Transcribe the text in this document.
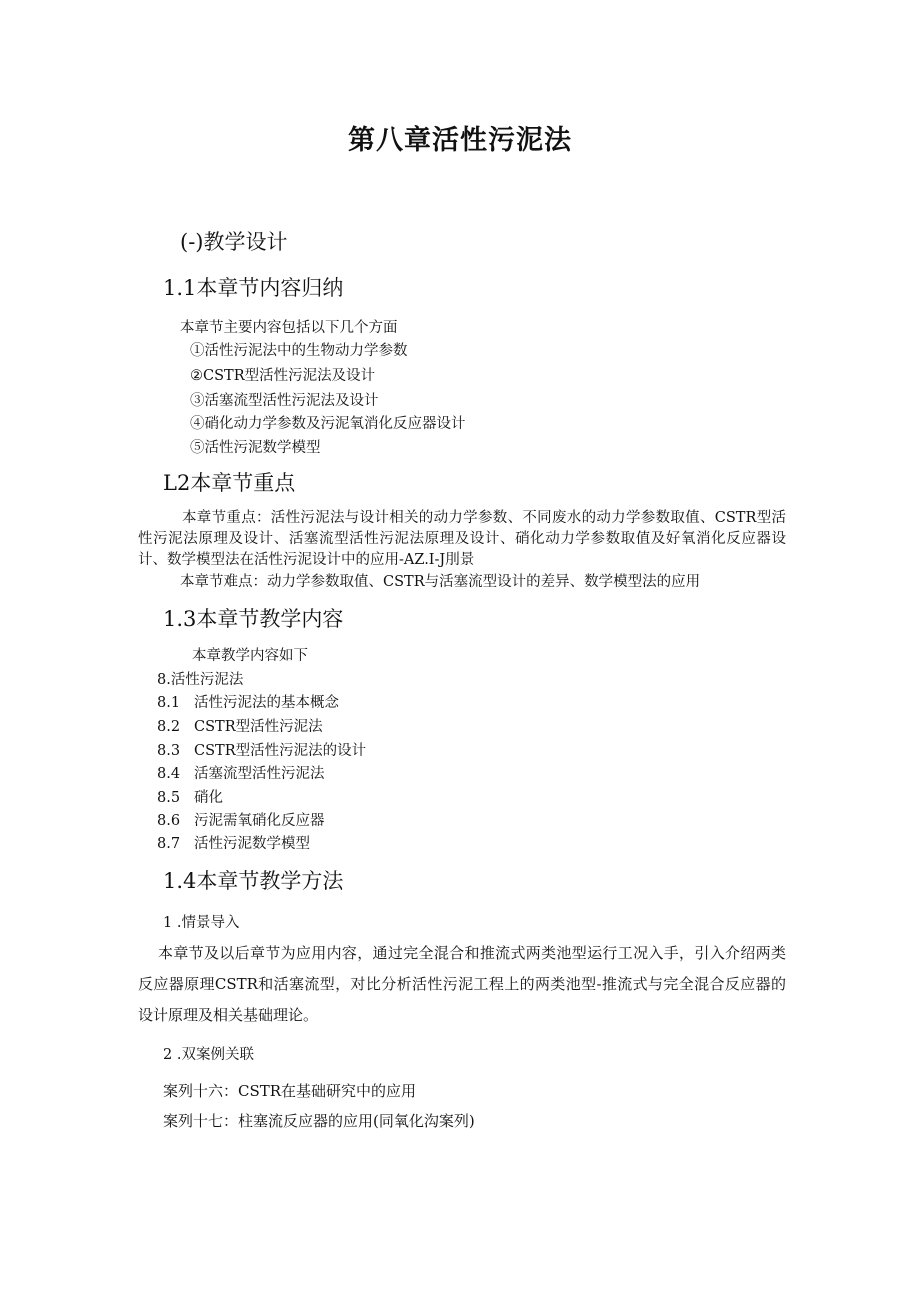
第八章活性污泥法
(-)教学设计
1.1本章节内容归纳
本章节主要内容包括以下几个方面
①活性污泥法中的生物动力学参数
②CSTR型活性污泥法及设计
③活塞流型活性污泥法及设计
④硝化动力学参数及污泥氧消化反应器设计
⑤活性污泥数学模型
L2本章节重点
本章节重点：活性污泥法与设计相关的动力学参数、不同废水的动力学参数取值、CSTR型活性污泥法原理及设计、活塞流型活性污泥法原理及设计、硝化动力学参数取值及好氧消化反应器设计、数学模型法在活性污泥设计中的应用-AZ.I-J刖景
本章节难点：动力学参数取值、CSTR与活塞流型设计的差异、数学模型法的应用
1.3本章节教学内容
本章教学内容如下
8.活性污泥法
8.1 活性污泥法的基本概念
8.2 CSTR型活性污泥法
8.3 CSTR型活性污泥法的设计
8.4 活塞流型活性污泥法
8.5 硝化
8.6 污泥需氧硝化反应器
8.7 活性污泥数学模型
1.4本章节教学方法
1 .情景导入
本章节及以后章节为应用内容，通过完全混合和推流式两类池型运行工况入手，引入介绍两类反应器原理CSTR和活塞流型，对比分析活性污泥工程上的两类池型-推流式与完全混合反应器的设计原理及相关基础理论。
2 .双案例关联
案列十六：CSTR在基础研究中的应用
案列十七：柱塞流反应器的应用(同氧化沟案列)
